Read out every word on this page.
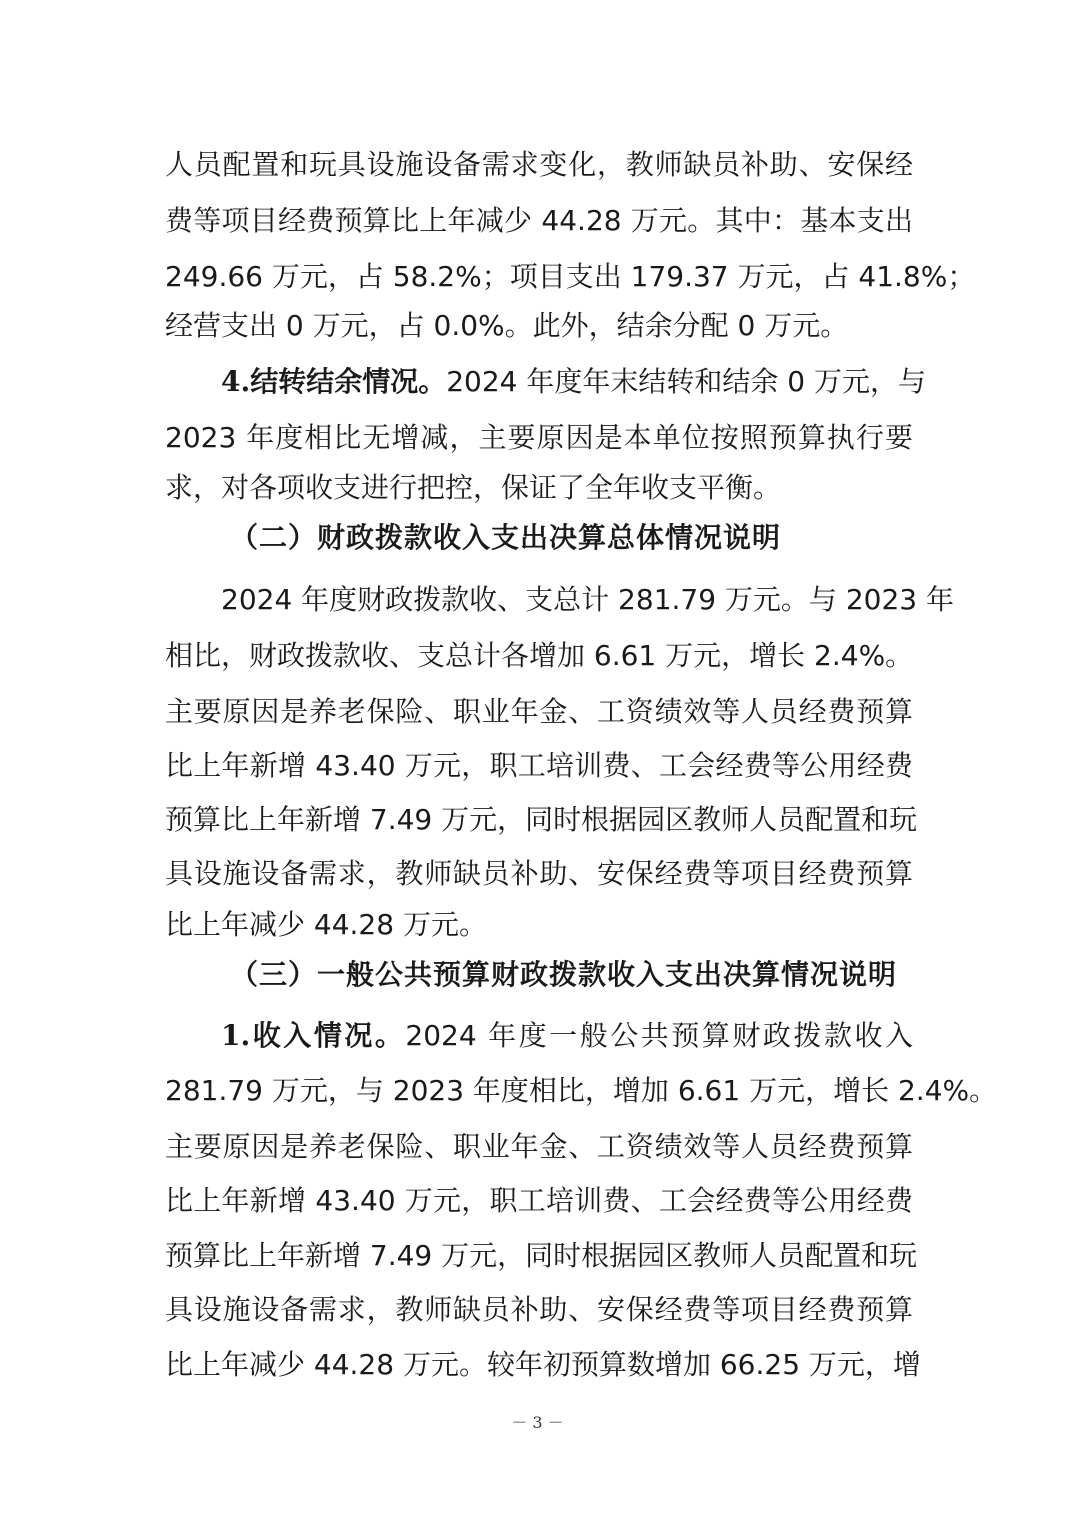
人员配置和玩具设施设备需求变化，教师缺员补助、安保经
费等项目经费预算比上年减少 44.28 万元。其中：基本支出
249.66 万元，占 58.2%；项目支出 179.37 万元，占 41.8%；
经营支出 0 万元，占 0.0%。此外，结余分配 0 万元。
4.结转结余情况。2024 年度年末结转和结余 0 万元，与
2023 年度相比无增减，主要原因是本单位按照预算执行要
求，对各项收支进行把控，保证了全年收支平衡。
（二）财政拨款收入支出决算总体情况说明
2024 年度财政拨款收、支总计 281.79 万元。与 2023 年
相比，财政拨款收、支总计各增加 6.61 万元，增长 2.4%。
主要原因是养老保险、职业年金、工资绩效等人员经费预算
比上年新增 43.40 万元，职工培训费、工会经费等公用经费
预算比上年新增 7.49 万元，同时根据园区教师人员配置和玩
具设施设备需求，教师缺员补助、安保经费等项目经费预算
比上年减少 44.28 万元。
（三）一般公共预算财政拨款收入支出决算情况说明
1.收入情况。2024 年度一般公共预算财政拨款收入
281.79 万元，与 2023 年度相比，增加 6.61 万元，增长 2.4%。
主要原因是养老保险、职业年金、工资绩效等人员经费预算
比上年新增 43.40 万元，职工培训费、工会经费等公用经费
预算比上年新增 7.49 万元，同时根据园区教师人员配置和玩
具设施设备需求，教师缺员补助、安保经费等项目经费预算
比上年减少 44.28 万元。较年初预算数增加 66.25 万元，增
－ 3 －
